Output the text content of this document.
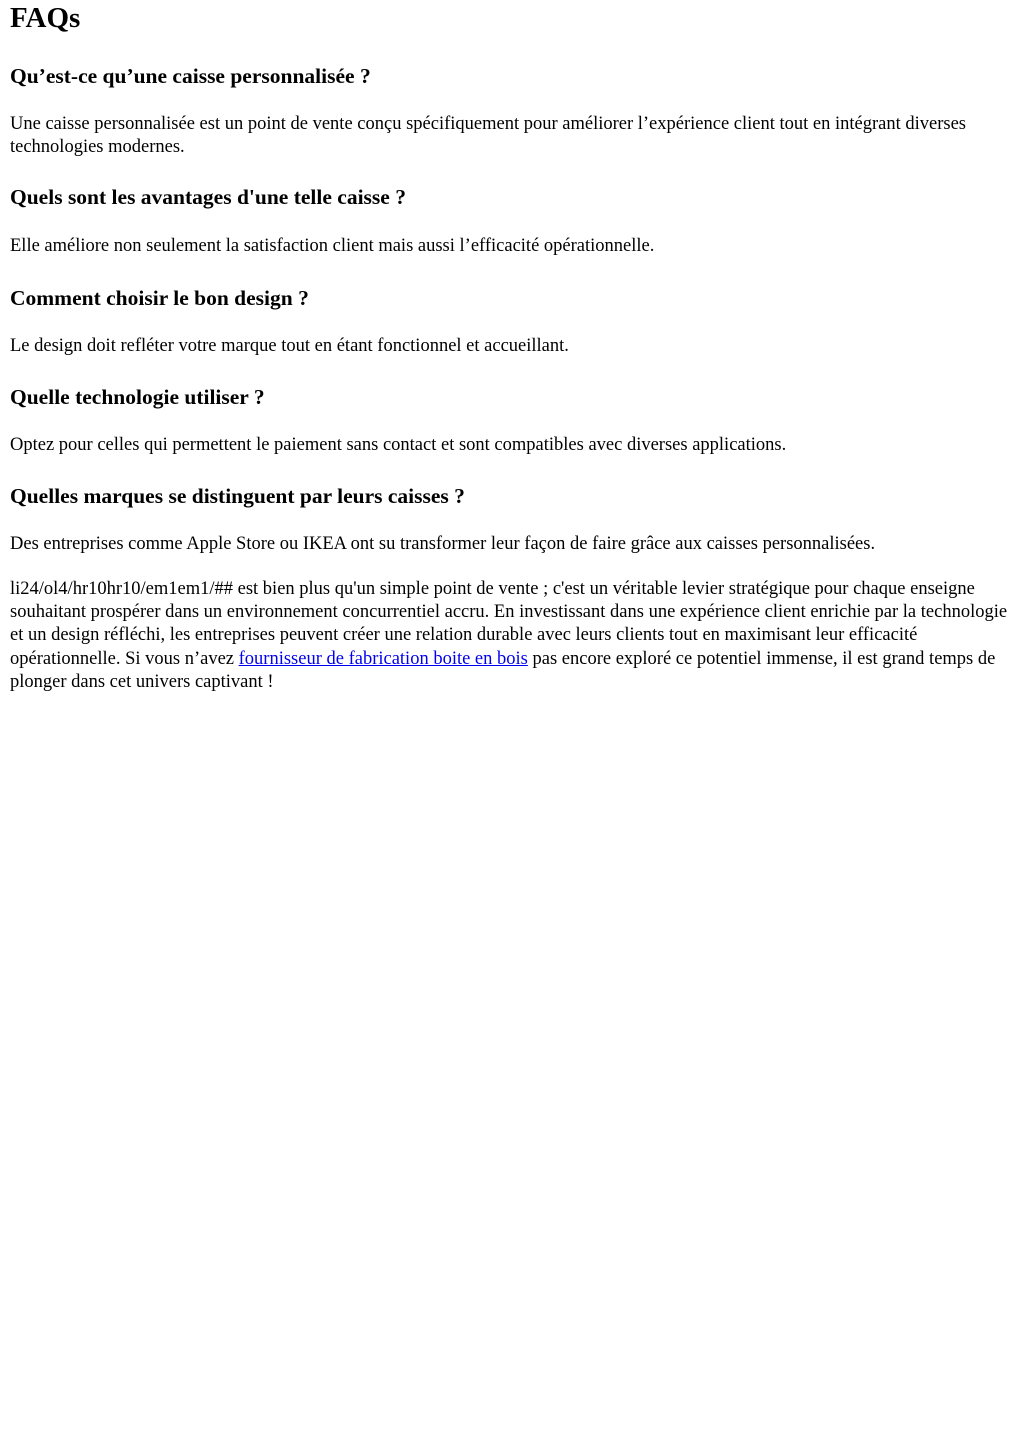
FAQs
Qu’est-ce qu’une caisse personnalisée ?

Une caisse personnalisée est un point de vente conçu spécifiquement pour améliorer l’expérience client tout en intégrant diverses technologies modernes.

Quels sont les avantages d'une telle caisse ?

Elle améliore non seulement la satisfaction client mais aussi l’efficacité opérationnelle.

Comment choisir le bon design ?

Le design doit refléter votre marque tout en étant fonctionnel et accueillant.

Quelle technologie utiliser ?

Optez pour celles qui permettent le paiement sans contact et sont compatibles avec diverses applications.

Quelles marques se distinguent par leurs caisses ?

Des entreprises comme Apple Store ou IKEA ont su transformer leur façon de faire grâce aux caisses personnalisées.

li24/ol4/hr10hr10/em1em1/## est bien plus qu'un simple point de vente ; c'est un véritable levier stratégique pour chaque enseigne souhaitant prospérer dans un environnement concurrentiel accru. En investissant dans une expérience client enrichie par la technologie et un design réfléchi, les entreprises peuvent créer une relation durable avec leurs clients tout en maximisant leur efficacité opérationnelle. Si vous n’avez fournisseur de fabrication boite en bois pas encore exploré ce potentiel immense, il est grand temps de plonger dans cet univers captivant !
